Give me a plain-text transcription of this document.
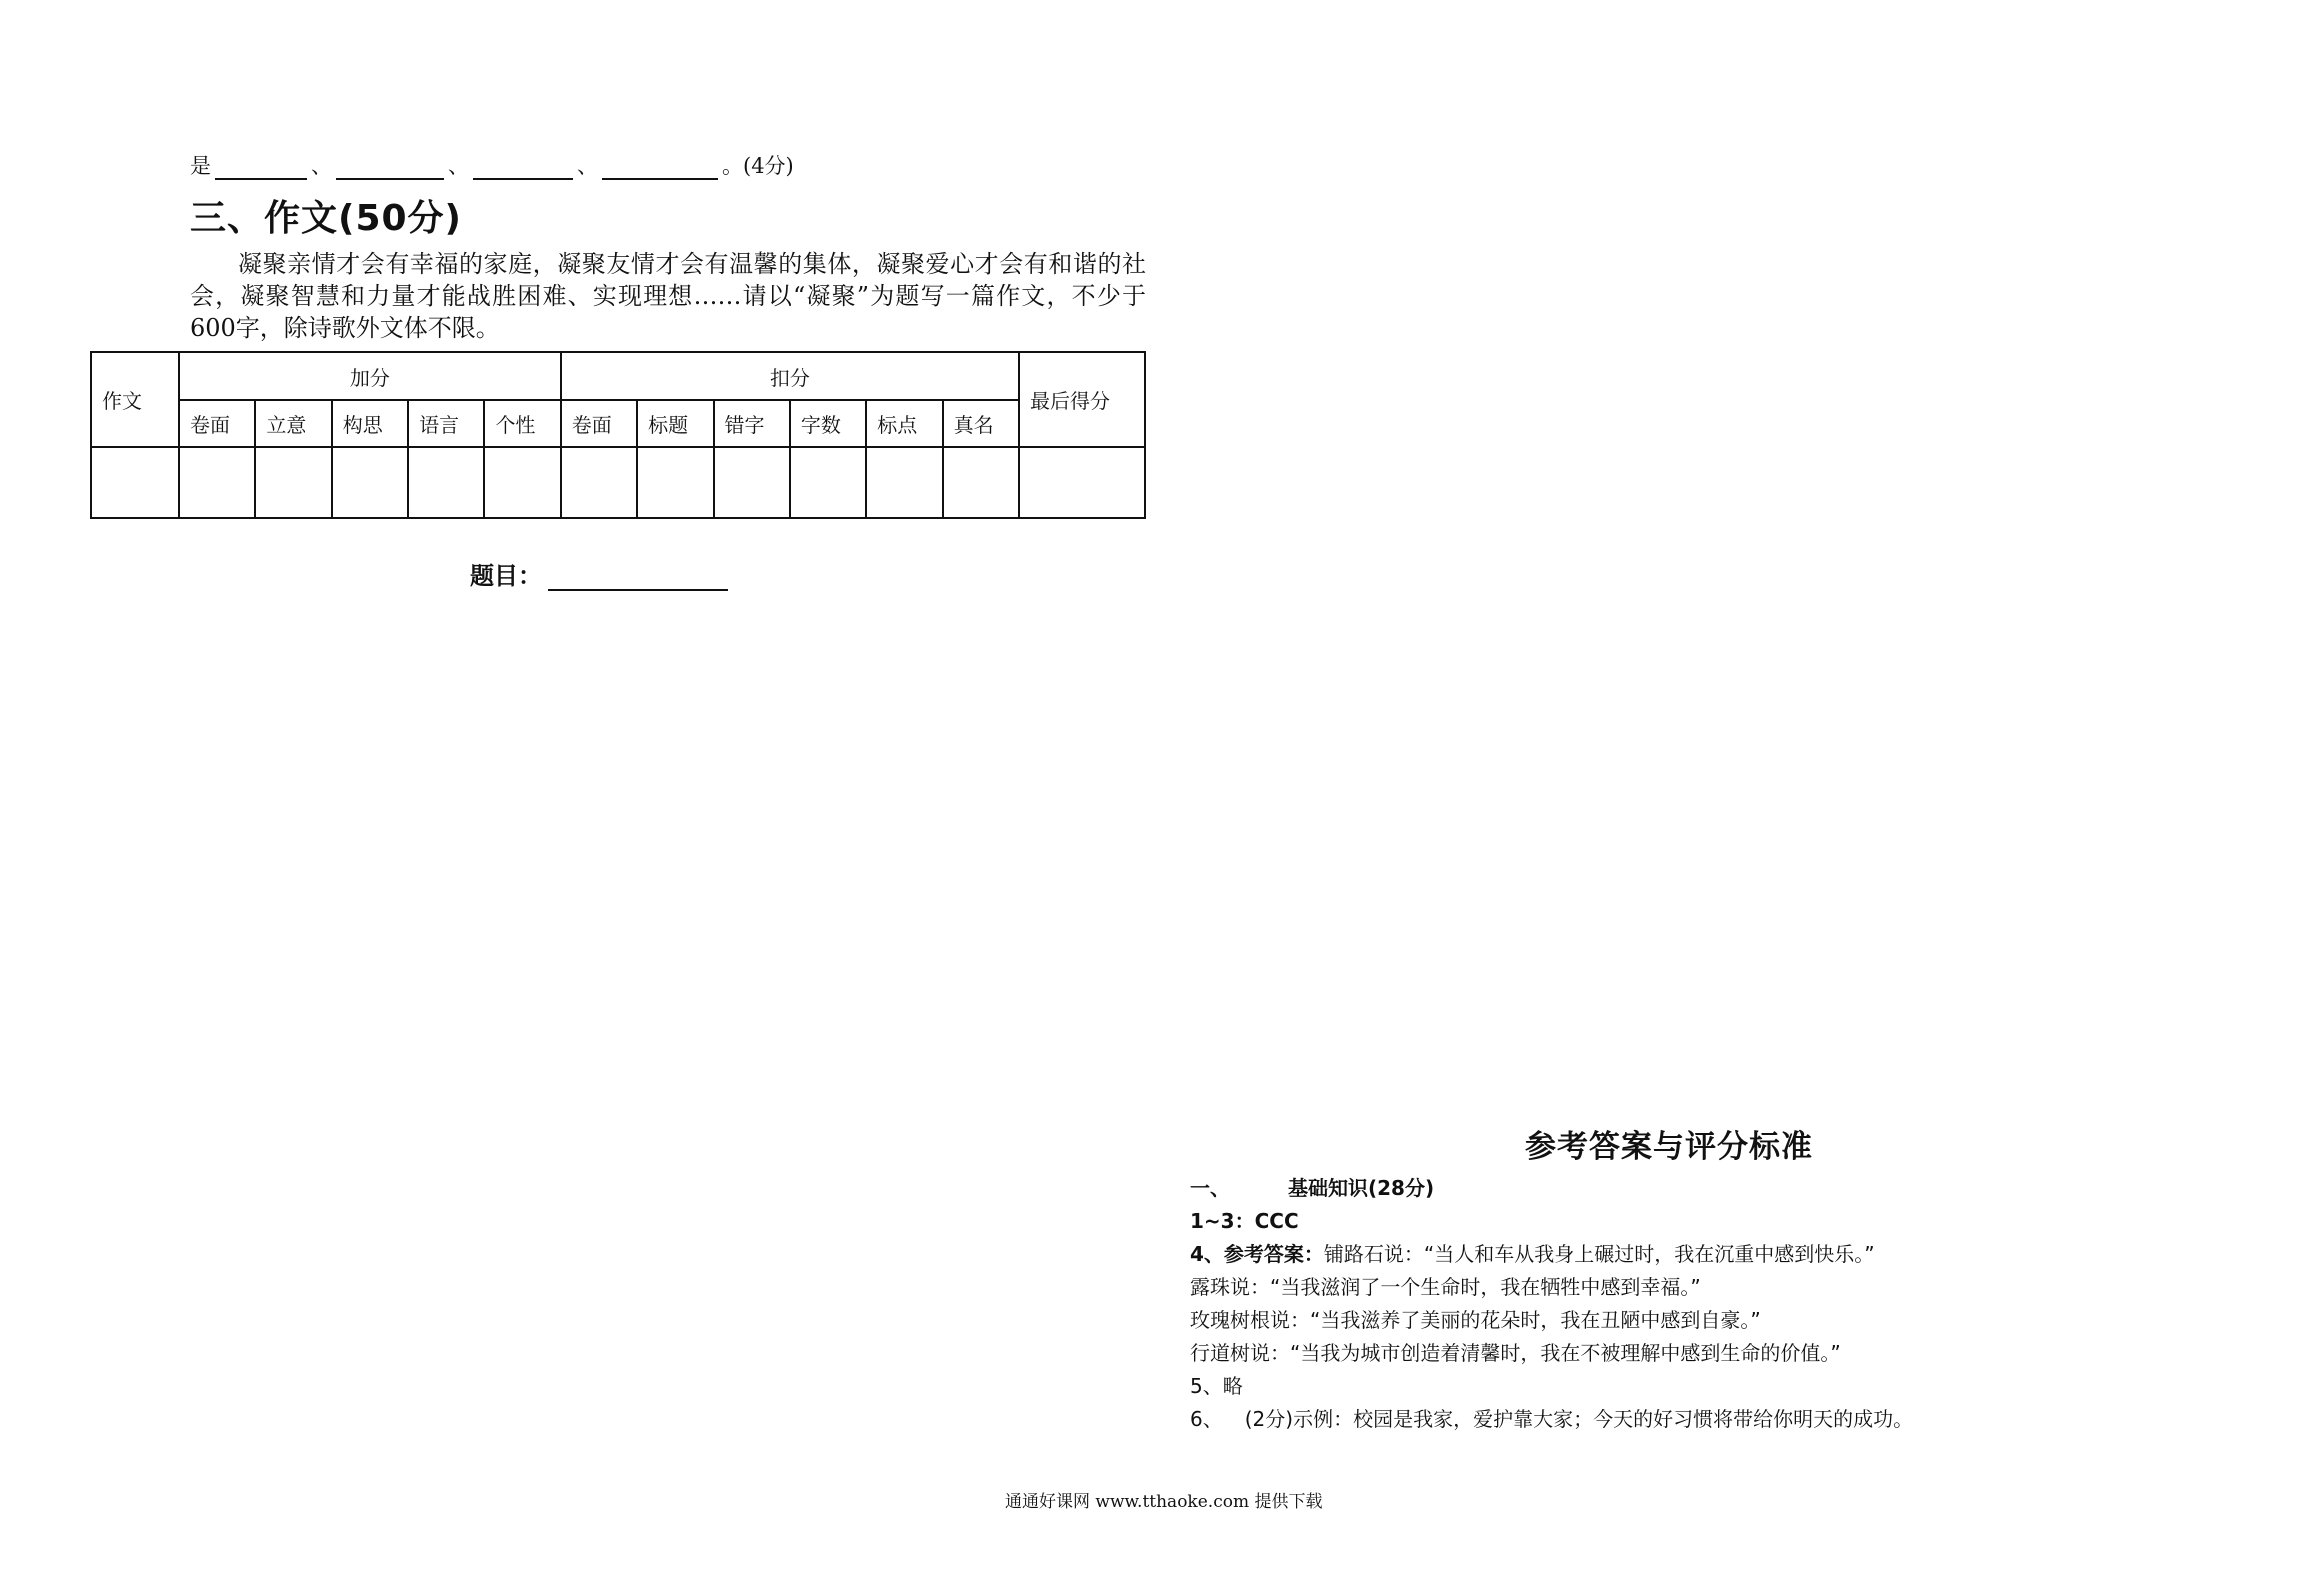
是	、	、	、	。(4分)
三、作文(50分)

凝聚亲情才会有幸福的家庭，凝聚友情才会有温馨的集体，凝聚爱心才会有和谐的社会，凝聚智慧和力量才能战胜困难、实现理想……请以“凝聚”为题写一篇作文，不少于600字，除诗歌外文体不限。

作文	加分					扣分						最后得分
	卷面	立意	构思	语言	个性	卷面	标题	错字	字数	标点	真名	

题目：
参考答案与评分标准
一、	基础知识(28分)
1~3：CCC
4、参考答案：铺路石说：“当人和车从我身上碾过时，我在沉重中感到快乐。”
露珠说：“当我滋润了一个生命时，我在牺牲中感到幸福。”
玫瑰树根说：“当我滋养了美丽的花朵时，我在丑陋中感到自豪。”
行道树说：“当我为城市创造着清馨时，我在不被理解中感到生命的价值。”
5、略
6、 (2分)示例：校园是我家，爱护靠大家；今天的好习惯将带给你明天的成功。
通通好课网 www.tthaoke.com 提供下载
